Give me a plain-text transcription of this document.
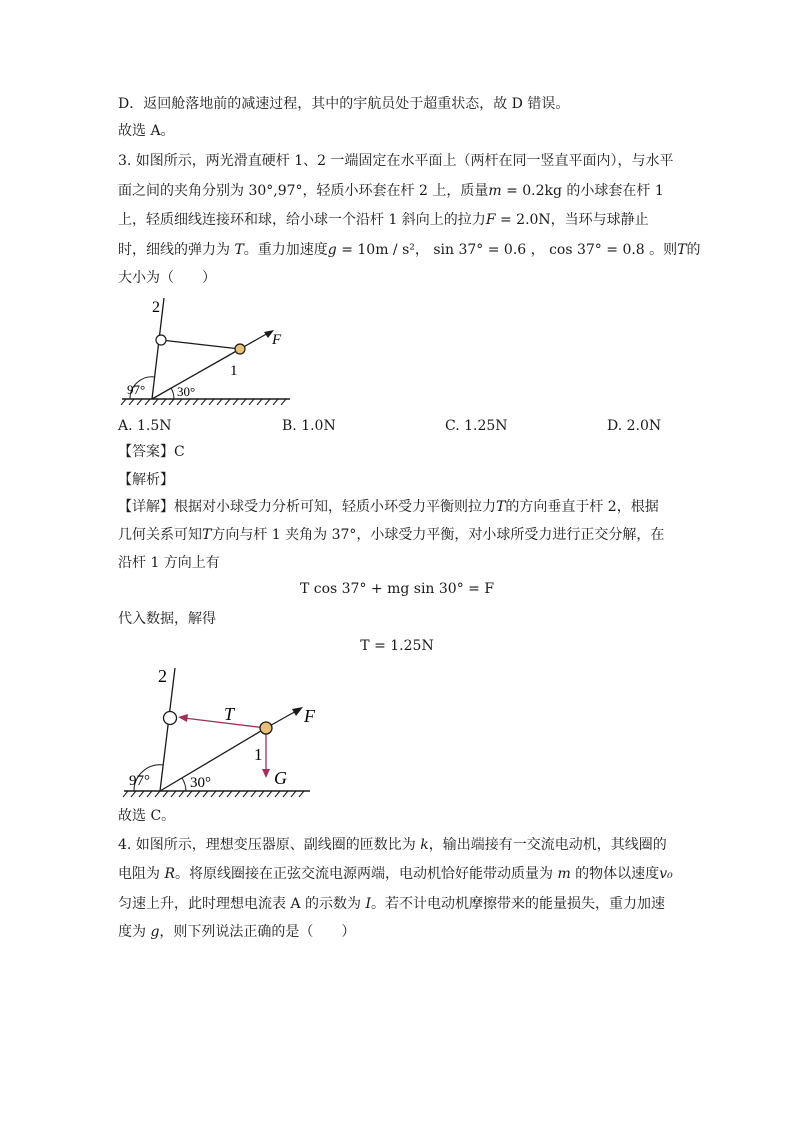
D．返回舱落地前的减速过程，其中的宇航员处于超重状态，故 D 错误。
故选 A。
3. 如图所示，两光滑直硬杆 1、2 一端固定在水平面上（两杆在同一竖直平面内），与水平
面之间的夹角分别为 30°,97°，轻质小环套在杆 2 上，质量m = 0.2kg 的小球套在杆 1
上，轻质细线连接环和球，给小球一个沿杆 1 斜向上的拉力F = 2.0N，当环与球静止
时，细线的弹力为 T。重力加速度g = 10m / s²， sin 37° = 0.6 ， cos 37° = 0.8 。则T的
大小为（　　）
2
1
F
97° 30°
A. 1.5N	B. 1.0N	C. 1.25N	D. 2.0N
【答案】C
【解析】
【详解】根据对小球受力分析可知，轻质小环受力平衡则拉力T的方向垂直于杆 2，根据
几何关系可知T方向与杆 1 夹角为 37°，小球受力平衡，对小球所受力进行正交分解，在
沿杆 1 方向上有
T cos 37° + mg sin 30° = F
代入数据，解得
T = 1.25N
2
1
F
T
G
97°	30°
故选 C。
4. 如图所示，理想变压器原、副线圈的匝数比为 k，输出端接有一交流电动机，其线圈的
电阻为 R。将原线圈接在正弦交流电源两端，电动机恰好能带动质量为 m 的物体以速度v₀
匀速上升，此时理想电流表 A 的示数为 I。若不计电动机摩擦带来的能量损失，重力加速
度为 g，则下列说法正确的是（　　）
